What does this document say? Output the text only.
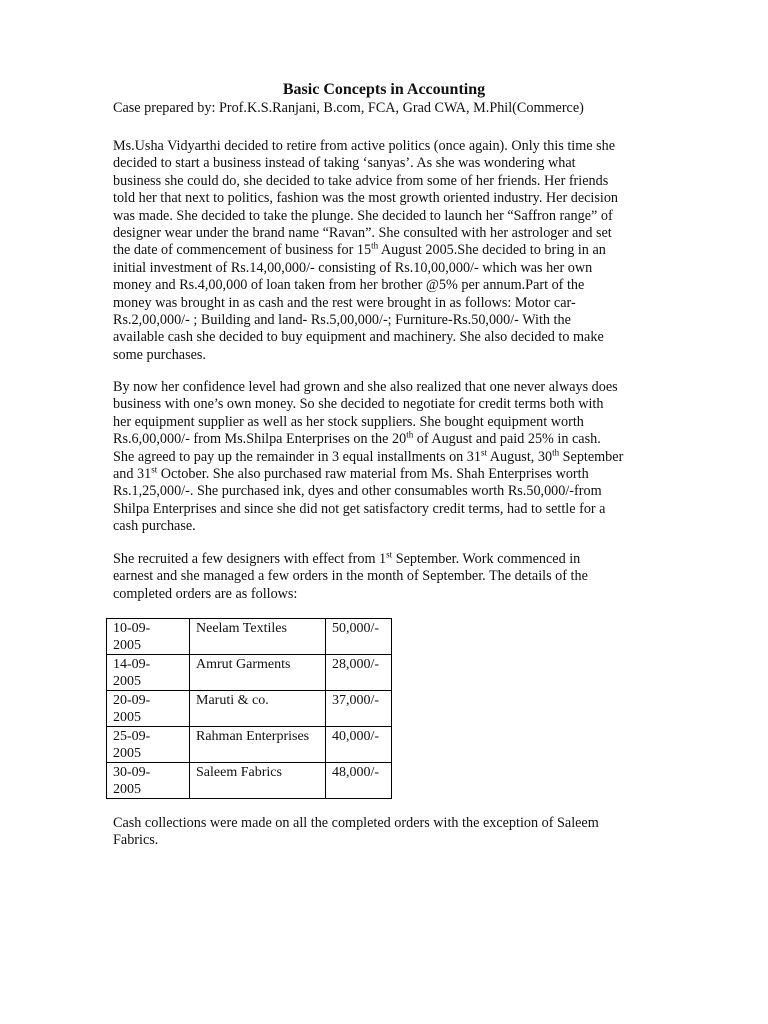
Basic Concepts in Accounting
Case prepared by: Prof.K.S.Ranjani, B.com, FCA, Grad CWA, M.Phil(Commerce)
Ms.Usha Vidyarthi decided to retire from active politics (once again). Only this time she
decided to start a business instead of taking ‘sanyas’. As she was wondering what
business she could do, she decided to take advice from some of her friends. Her friends
told her that next to politics, fashion was the most growth oriented industry. Her decision
was made. She decided to take the plunge. She decided to launch her “Saffron range” of
designer wear under the brand name “Ravan”. She consulted with her astrologer and set
the date of commencement of business for 15th August 2005.She decided to bring in an
initial investment of Rs.14,00,000/- consisting of Rs.10,00,000/- which was her own
money and Rs.4,00,000 of loan taken from her brother @5% per annum.Part of the
money was brought in as cash and the rest were brought in as follows: Motor car-
Rs.2,00,000/- ; Building and land- Rs.5,00,000/-; Furniture-Rs.50,000/- With the
available cash she decided to buy equipment and machinery. She also decided to make
some purchases.
By now her confidence level had grown and she also realized that one never always does
business with one’s own money. So she decided to negotiate for credit terms both with
her equipment supplier as well as her stock suppliers. She bought equipment worth
Rs.6,00,000/- from Ms.Shilpa Enterprises on the 20th of August and paid 25% in cash.
She agreed to pay up the remainder in 3 equal installments on 31st August, 30th September
and 31st October. She also purchased raw material from Ms. Shah Enterprises worth
Rs.1,25,000/-. She purchased ink, dyes and other consumables worth Rs.50,000/-from
Shilpa Enterprises and since she did not get satisfactory credit terms, had to settle for a
cash purchase.
She recruited a few designers with effect from 1st September. Work commenced in
earnest and she managed a few orders in the month of September. The details of the
completed orders are as follows:
10-09-
2005	Neelam Textiles	50,000/-

14-09-
2005	Amrut Garments	28,000/-

20-09-
2005	Maruti & co.	37,000/-

25-09-
2005	Rahman Enterprises	40,000/-

30-09-
2005	Saleem Fabrics	48,000/-
Cash collections were made on all the completed orders with the exception of Saleem
Fabrics.
